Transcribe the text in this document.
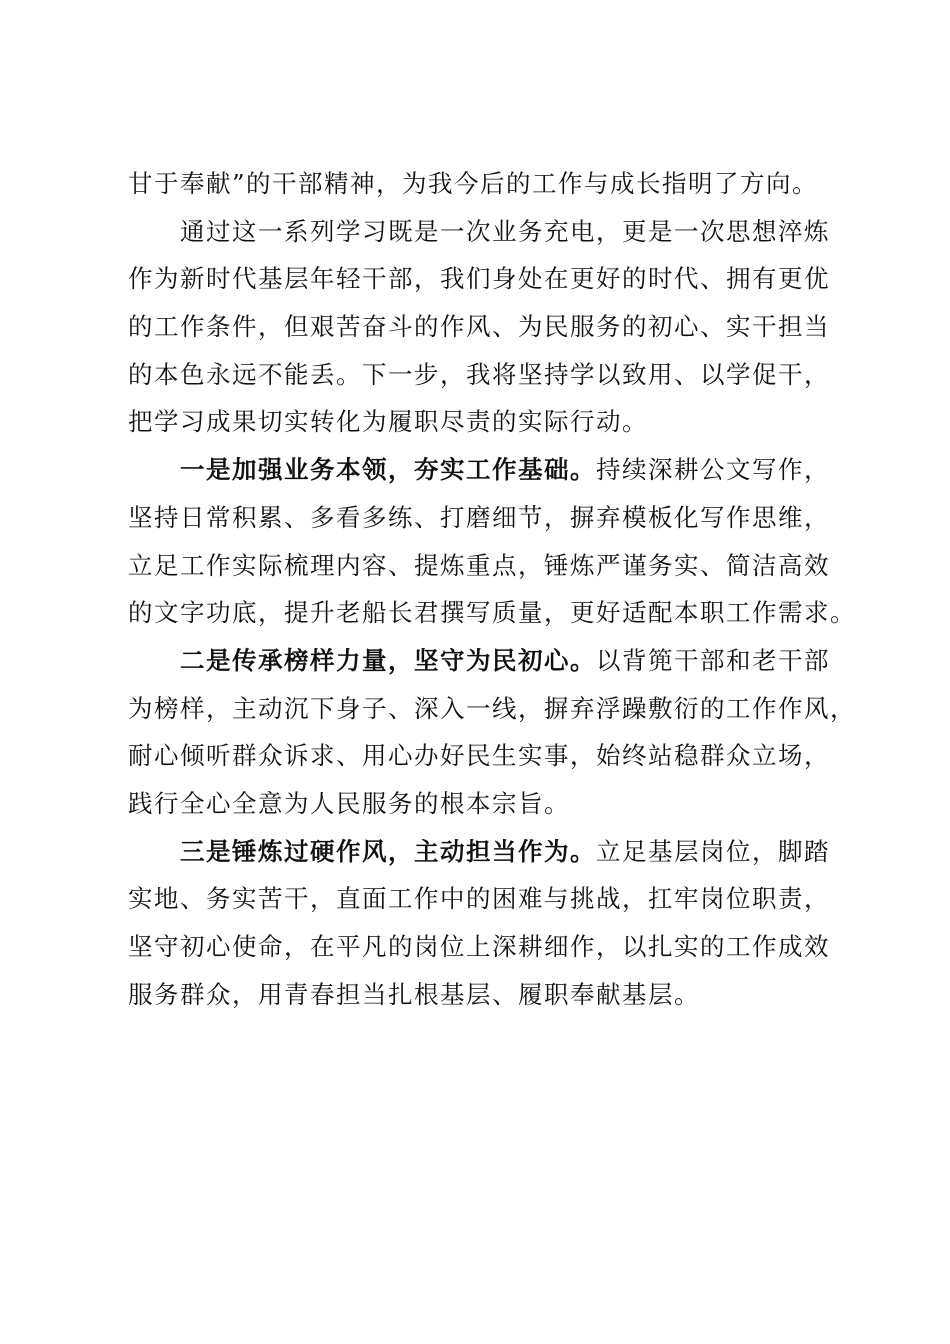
甘于奉献”的干部精神，为我今后的工作与成长指明了方向。
通过这一系列学习既是一次业务充电，更是一次思想淬炼
作为新时代基层年轻干部，我们身处在更好的时代、拥有更优
的工作条件，但艰苦奋斗的作风、为民服务的初心、实干担当
的本色永远不能丢。下一步，我将坚持学以致用、以学促干，
把学习成果切实转化为履职尽责的实际行动。
一是加强业务本领，夯实工作基础。持续深耕公文写作，
坚持日常积累、多看多练、打磨细节，摒弃模板化写作思维，
立足工作实际梳理内容、提炼重点，锤炼严谨务实、简洁高效
的文字功底，提升老船长君撰写质量，更好适配本职工作需求。
二是传承榜样力量，坚守为民初心。以背篼干部和老干部
为榜样，主动沉下身子、深入一线，摒弃浮躁敷衍的工作作风，
耐心倾听群众诉求、用心办好民生实事，始终站稳群众立场，
践行全心全意为人民服务的根本宗旨。
三是锤炼过硬作风，主动担当作为。立足基层岗位，脚踏
实地、务实苦干，直面工作中的困难与挑战，扛牢岗位职责，
坚守初心使命，在平凡的岗位上深耕细作，以扎实的工作成效
服务群众，用青春担当扎根基层、履职奉献基层。
